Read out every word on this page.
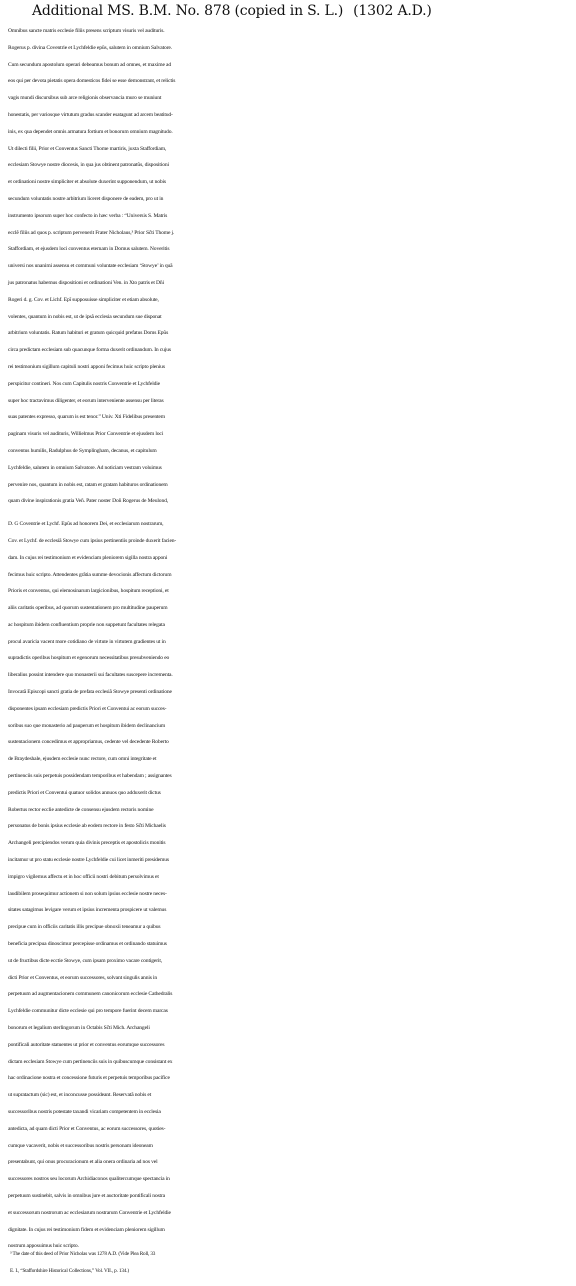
Additional MS. B.M. No. 878 (copied in S. L.) (1302 A.D.)
Omnibus sancte matris ecclesie filiis presens scriptum visuris vel audituris.
Rogerus p. divina Coventrie et Lychfeldie epũs, salutem in omnium Salvatore.
Cum secundum apostolum operari debeamus bonum ad omnes, et maxime ad
eos qui per devota pietatis opera domesticos fidei se esse demonstrant, et relictis
vagis mundi discursibus sub arce religionis observancia muro se muniunt
honestatis, per variosque virtutum gradus scander esatagunt ad arcem beatitud-
inis, ex qua dependet omnis armatura fortium et bonorum omnium magnitudo.
Ut dilecti filii, Prior et Conventus Sancti Thome martiris, juxta Staffordiam,
ecclesiam Stowye nostre diocesis, in qua jus obtinent patronatũs, dispositioni
et ordinationi nostre simpliciter et absolute duxerint supponendum, ut nobis
secundum voluntatis nostre arbitrium liceret disponere de eadem, pro ut in
instrumento ipsorum super hoc confecto in hæc verba : “Universis S. Matris
ecclẽ filiis ad quos p. scriptum pervenerit Frater Nicholaus,³ Prior Sc̃ti Thome j.
Staffordiam, et ejusdem loci conventus eternam in Domus salutem. Noveritis
universi nos unanimi assensu et communi voluntate ecclesiam ‘Stowye’ in quã
jus patronatus habemus dispositioni et ordinationi Ven. in Xto patris et Dñi
Rogeri d. g. Cov. et Lichf. Epĩ supposuisse simpliciter et etiam absolute,
volentes, quantum in nobis est, ut de ipsã ecclesia secundum sue disponat
arbitrium voluntatis. Ratum habituri et gratum quicquid prefatus Doms Epũs
circa predictam ecclesiam sub quacunque forma duxerit ordinandum. In cujus
rei testimonium sigillum capituli nostri apponi fecimus huic scripto plenius
perspicitur contineri. Nos cum Capitulis nostris Conventrie et Lychfeldie
super hoc tractavimus diligenter, et eorum interveniente assensu per literas
suas patentes expresso, quarum is est tenor.” Univ. Xti Fidelibus presentem
paginam visuris vel audituris, Willielmus Prior Conventrie et ejusdem loci
conventus humilis, Radulphus de Symplingham, decanus, et capitulum
Lychfeldie, salutem in omnium Salvatore. Ad noticiam vestram voluimus
pervenire nos, quantum in nobis est, ratam et gratam habituros ordinationem
quam divine inspirationis gratia Veñ. Pater noster Doñ Rogerus de Meulond,
D. G Coventrie et Lychf. Epũs ad honorem Dei, et ecclesiarum nostrarum,
Cov. et Lychf. de ecclesiã Stowye cum ipsius pertinentiis proinde duxerit facien-
dam. In cujus rei testimonium et evidenciam pleniorem sigilla nostra apponi
fecimus huic scripto. Attendentes grãtia summe devocionis affectum dictorum
Prioris et conventus, qui elemosinarum largicionibus, hospitum receptioni, et
aliis caritatis operibus, ad quorum sustentationem pro multitudine pauperum
ac hospitum ibidem confluentium proprie non suppetunt facultates relegata
procul avaricia vacent more cotidiano de virtute in virtutem gradientes ut in
supradictis operibus hospitum et egenorum necessitatibus presubveniendo eo
liberalius possint intendere quo monasterii sui facultates suscepere incrementa.
Invocatã Episcopi sancti gratia de prefata ecclesiã Stowye presenti ordinatione
disponentes ipsam ecclesiam predictis Priori et Conventui ac eorum succes-
soribus suo que monasterio ad pauperum et hospitum ibidem declinancium
sustentacionem concedimus et appropriamus, cedente vel decedente Roberto
de Braydeshale, ejusdem ecclesie nunc rectore, cum omni integritate et
pertinenciis suis perpetuis possidendam temporibus et habendam ; assignantes
predictis Priori et Conventui quatuor solidos annuos quo adduxerit dictus
Robertus rector ecclie antedicte de consensu ejusdem rectoris nomine
personatus de bonis ipsius ecclesie ab eodem rectore in festo Sc̃ti Michaelis
Archangeli percipiendos verum quia divinis preceptis et apostolicis monitis
incitamur ut pro statu ecclesie nostre Lychfeldie cui licet inmeriti presidemus
impigro vigilemus affectu et in hoc officii nostri debitum persolvimus et
laudibilem prosequimur actionem si non solum ipsius ecclesie nostre neces-
sitates satagimus levigare verum et ipsius incrementa prospicere ut valemus
precipue cum in officiis caritatis illis precipue obnoxii teneamur a quibus
beneficia precipua dinoscimur percepisse ordinamus et ordinando statuimus
ut de fructibus dicte ecctie Stowye, cum ipsam proximo vacare contigerit,
dicti Prior et Conventus, et eorum successores, solvant singulis annis in
perpetuum ad augmentacionem communem canonicorum ecclesie Cathedralis
Lychfeldie communitur dicte ecclesie qui pro tempore fuerint decem marcas
bonorum et legalium sterlingorum in Octabis Sc̃ti Mich. Archangeli
pontificali autoritate statuentes ut prior et conventus eorumque successores
dictam ecclesiam Stowye cum pertinenciis suis in quibuscumque consistant ex
hac ordinacione nostra et concessione futuris et perpetuis temporibus pacifice
ut supratactum (sic) est, et inconcusse possideant. Reservatã nobis et
successoribus nostris potestate taxandi vicariam competentem in ecclesia
antedicta, ad quam dicti Prior et Conventus, ac eorum successores, quoties-
cumque vacaverit, nobis et successoribus nostris personam ideoneam
presentabunt, qui onus procuracionum et alia onera ordinaria ad nos vel
successores nostros seu locorum Archidiaconos qualitercumque spectancia in
perpetuum sustinebit, salvis in omnibus jure et auctoritate pontificali nostra
et successorum nostrorum ac ecclesiarum nostrarum Conventrie et Lychfeldie
dignitate. In cujus rei testimonium fidem et evidenciam pleniorem sigillum
nostrum apposuimus huic scripto.
³ The date of this deed of Prior Nicholas was 1278 A.D. (Vide Plea Roll, 33
E. I., “Staffordshire Historical Collections,” Vol. VII., p. 134.)
